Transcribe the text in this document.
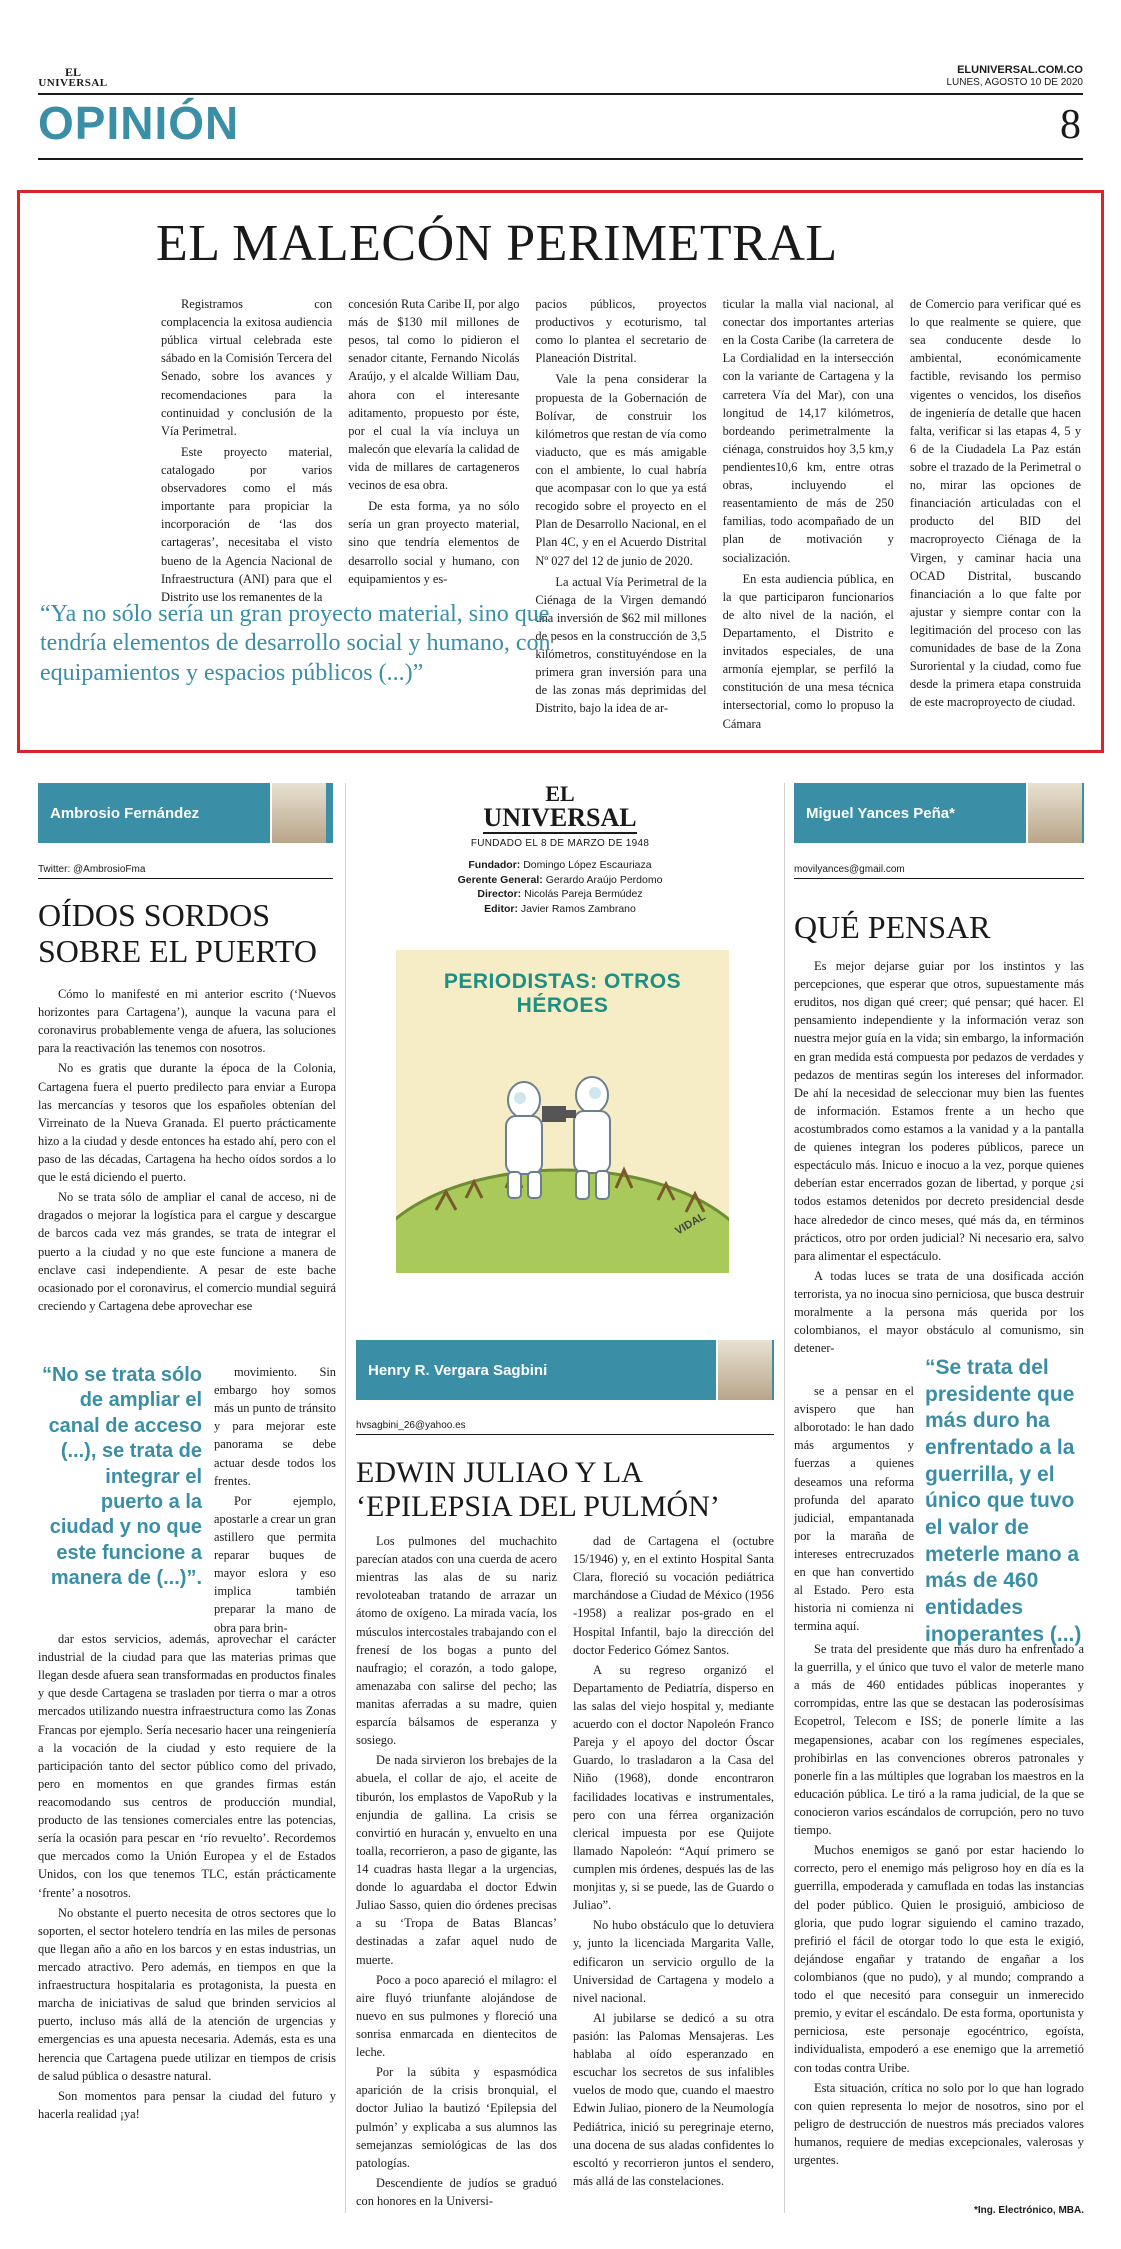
EL
UNIVERSAL
ELUNIVERSAL.COM.CO
LUNES, AGOSTO 10 DE 2020
OPINIÓN	8
EL MALECÓN PERIMETRAL

Registramos con complacencia la exitosa audiencia pública virtual celebrada este sábado en la Comisión Tercera del Senado, sobre los avances y recomendaciones para la continuidad y conclusión de la Vía Perimetral.

Este proyecto material, catalogado por varios observadores como el más importante para propiciar la incorporación de ‘las dos cartageras’, necesitaba el visto bueno de la Agencia Nacional de Infraestructura (ANI) para que el Distrito use los remanentes de la

concesión Ruta Caribe II, por algo más de $130 mil millones de pesos, tal como lo pidieron el senador citante, Fernando Nicolás Araújo, y el alcalde William Dau, ahora con el interesante aditamento, propuesto por éste, por el cual la vía incluya un malecón que elevaría la calidad de vida de millares de cartageneros vecinos de esa obra.

De esta forma, ya no sólo sería un gran proyecto material, sino que tendría elementos de desarrollo social y humano, con equipamientos y es-

pacios públicos, proyectos productivos y ecoturismo, tal como lo plantea el secretario de Planeación Distrital.

Vale la pena considerar la propuesta de la Gobernación de Bolívar, de construir los kilómetros que restan de vía como viaducto, que es más amigable con el ambiente, lo cual habría que acompasar con lo que ya está recogido sobre el proyecto en el Plan de Desarrollo Nacional, en el Plan 4C, y en el Acuerdo Distrital Nº 027 del 12 de junio de 2020.

La actual Vía Perimetral de la Ciénaga de la Virgen demandó una inversión de $62 mil millones de pesos en la construcción de 3,5 kilómetros, constituyéndose en la primera gran inversión para una de las zonas más deprimidas del Distrito, bajo la idea de ar-

ticular la malla vial nacional, al conectar dos importantes arterias en la Costa Caribe (la carretera de La Cordialidad en la intersección con la variante de Cartagena y la carretera Vía del Mar), con una longitud de 14,17 kilómetros, bordeando perimetralmente la ciénaga, construidos hoy 3,5 km,y pendientes10,6 km, entre otras obras, incluyendo el reasentamiento de más de 250 familias, todo acompañado de un plan de motivación y socialización.

En esta audiencia pública, en la que participaron funcionarios de alto nivel de la nación, el Departamento, el Distrito e invitados especiales, de una armonía ejemplar, se perfiló la constitución de una mesa técnica intersectorial, como lo propuso la Cámara

de Comercio para verificar qué es lo que realmente se quiere, que sea conducente desde lo ambiental, económicamente factible, revisando los permiso vigentes o vencidos, los diseños de ingeniería de detalle que hacen falta, verificar si las etapas 4, 5 y 6 de la Ciudadela La Paz están sobre el trazado de la Perimetral o no, mirar las opciones de financiación articuladas con el producto del BID del macroproyecto Ciénaga de la Virgen, y caminar hacia una OCAD Distrital, buscando financiación a lo que falte por ajustar y siempre contar con la legitimación del proceso con las comunidades de base de la Zona Suroriental y la ciudad, como fue desde la primera etapa construida de este macroproyecto de ciudad.

“Ya no sólo sería un gran proyecto material, sino que tendría elementos de desarrollo social y humano, con equipamientos y espacios públicos (...)”
Ambrosio Fernández
Twitter: @AmbrosioFma
OÍDOS SORDOS SOBRE EL PUERTO

Cómo lo manifesté en mi anterior escrito (‘Nuevos horizontes para Cartagena’), aunque la vacuna para el coronavirus probablemente venga de afuera, las soluciones para la reactivación las tenemos con nosotros.

No es gratis que durante la época de la Colonia, Cartagena fuera el puerto predilecto para enviar a Europa las mercancías y tesoros que los españoles obtenían del Virreinato de la Nueva Granada. El puerto prácticamente hizo a la ciudad y desde entonces ha estado ahí, pero con el paso de las décadas, Cartagena ha hecho oídos sordos a lo que le está diciendo el puerto.

No se trata sólo de ampliar el canal de acceso, ni de dragados o mejorar la logística para el cargue y descargue de barcos cada vez más grandes, se trata de integrar el puerto a la ciudad y no que este funcione a manera de enclave casi independiente. A pesar de este bache ocasionado por el coronavirus, el comercio mundial seguirá creciendo y Cartagena debe aprovechar ese

“No se trata sólo de ampliar el canal de acceso (...), se trata de integrar el puerto a la ciudad y no que este funcione a manera de (...)”.

movimiento. Sin embargo hoy somos más un punto de tránsito y para mejorar este panorama se debe actuar desde todos los frentes.

Por ejemplo, apostarle a crear un gran astillero que permita reparar buques de mayor eslora y eso implica también preparar la mano de obra para brin-

dar estos servicios, además, aprovechar el carácter industrial de la ciudad para que las materias primas que llegan desde afuera sean transformadas en productos finales y que desde Cartagena se trasladen por tierra o mar a otros mercados utilizando nuestra infraestructura como las Zonas Francas por ejemplo. Sería necesario hacer una reingeniería a la vocación de la ciudad y esto requiere de la participación tanto del sector público como del privado, pero en momentos en que grandes firmas están reacomodando sus centros de producción mundial, producto de las tensiones comerciales entre las potencias, sería la ocasión para pescar en ‘río revuelto’. Recordemos que mercados como la Unión Europea y el de Estados Unidos, con los que tenemos TLC, están prácticamente ‘frente’ a nosotros.

No obstante el puerto necesita de otros sectores que lo soporten, el sector hotelero tendría en las miles de personas que llegan año a año en los barcos y en estas industrias, un mercado atractivo. Pero además, en tiempos en que la infraestructura hospitalaria es protagonista, la puesta en marcha de iniciativas de salud que brinden servicios al puerto, incluso más allá de la atención de urgencias y emergencias es una apuesta necesaria. Además, esta es una herencia que Cartagena puede utilizar en tiempos de crisis de salud pública o desastre natural.

Son momentos para pensar la ciudad del futuro y hacerla realidad ¡ya!

EL
UNIVERSAL
FUNDADO EL 8 DE MARZO DE 1948
Fundador: Domingo López Escauriaza
Gerente General: Gerardo Araújo Perdomo
Director: Nicolás Pareja Bermúdez
Editor: Javier Ramos Zambrano
PERIODISTAS: OTROS HÉROES
VIDAL
Henry R. Vergara Sagbini
hvsagbini_26@yahoo.es
EDWIN JULIAO Y LA ‘EPILEPSIA DEL PULMÓN’

Los pulmones del muchachito parecían atados con una cuerda de acero mientras las alas de su nariz revoloteaban tratando de arrazar un átomo de oxígeno. La mirada vacía, los músculos intercostales trabajando con el frenesí de los bogas a punto del naufragio; el corazón, a todo galope, amenazaba con salirse del pecho; las manitas aferradas a su madre, quien esparcía bálsamos de esperanza y sosiego.

De nada sirvieron los brebajes de la abuela, el collar de ajo, el aceite de tiburón, los emplastos de VapoRub y la enjundia de gallina. La crisis se convirtió en huracán y, envuelto en una toalla, recorrieron, a paso de gigante, las 14 cuadras hasta llegar a la urgencias, donde lo aguardaba el doctor Edwin Juliao Sasso, quien dio órdenes precisas a su ‘Tropa de Batas Blancas’ destinadas a zafar aquel nudo de muerte.

Poco a poco apareció el milagro: el aire fluyó triunfante alojándose de nuevo en sus pulmones y floreció una sonrisa enmarcada en dientecitos de leche.

Por la súbita y espasmódica aparición de la crisis bronquial, el doctor Juliao la bautizó ‘Epilepsia del pulmón’ y explicaba a sus alumnos las semejanzas semiológicas de las dos patologías.

Descendiente de judíos se graduó con honores en la Universi-

dad de Cartagena el (octubre 15/1946) y, en el extinto Hospital Santa Clara, floreció su vocación pediátrica marchándose a Ciudad de México (1956 -1958) a realizar pos-grado en el Hospital Infantil, bajo la dirección del doctor Federico Gómez Santos.

A su regreso organizó el Departamento de Pediatría, disperso en las salas del viejo hospital y, mediante acuerdo con el doctor Napoleón Franco Pareja y el apoyo del doctor Óscar Guardo, lo trasladaron a la Casa del Niño (1968), donde encontraron facilidades locativas e instrumentales, pero con una férrea organización clerical impuesta por ese Quijote llamado Napoleón: “Aquí primero se cumplen mis órdenes, después las de las monjitas y, si se puede, las de Guardo o Juliao”.

No hubo obstáculo que lo detuviera y, junto la licenciada Margarita Valle, edificaron un servicio orgullo de la Universidad de Cartagena y modelo a nivel nacional.

Al jubilarse se dedicó a su otra pasión: las Palomas Mensajeras. Les hablaba al oído esperanzado en escuchar los secretos de sus infalibles vuelos de modo que, cuando el maestro Edwin Juliao, pionero de la Neumología Pediátrica, inició su peregrinaje eterno, una docena de sus aladas confidentes lo escoltó y recorrieron juntos el sendero, más allá de las constelaciones.

Miguel Yances Peña*
movilyances@gmail.com
QUÉ PENSAR

Es mejor dejarse guiar por los instintos y las percepciones, que esperar que otros, supuestamente más eruditos, nos digan qué creer; qué pensar; qué hacer. El pensamiento independiente y la información veraz son nuestra mejor guía en la vida; sin embargo, la información en gran medida está compuesta por pedazos de verdades y pedazos de mentiras según los intereses del informador. De ahí la necesidad de seleccionar muy bien las fuentes de información. Estamos frente a un hecho que acostumbrados como estamos a la vanidad y a la pantalla de quienes integran los poderes públicos, parece un espectáculo más. Inicuo e inocuo a la vez, porque quienes deberían estar encerrados gozan de libertad, y porque ¿si todos estamos detenidos por decreto presidencial desde hace alrededor de cinco meses, qué más da, en términos prácticos, otro por orden judicial? Ni necesario era, salvo para alimentar el espectáculo.

A todas luces se trata de una dosificada acción terrorista, ya no inocua sino perniciosa, que busca destruir moralmente a la persona más querida por los colombianos, el mayor obstáculo al comunismo, sin detener-

se a pensar en el avispero que han alborotado: le han dado más argumentos y fuerzas a quienes deseamos una reforma profunda del aparato judicial, empantanada por la maraña de intereses entrecruzados en que han convertido al Estado. Pero esta historia ni comienza ni termina aquí.

“Se trata del presidente que más duro ha enfrentado a la guerrilla, y el único que tuvo el valor de meterle mano a más de 460 entidades inoperantes (...)

Se trata del presidente que más duro ha enfrentado a la guerrilla, y el único que tuvo el valor de meterle mano a más de 460 entidades públicas inoperantes y corrompidas, entre las que se destacan las poderosísimas Ecopetrol, Telecom e ISS; de ponerle límite a las megapensiones, acabar con los regímenes especiales, prohibirlas en las convenciones obreros patronales y ponerle fin a las múltiples que lograban los maestros en la educación pública. Le tiró a la rama judicial, de la que se conocieron varios escándalos de corrupción, pero no tuvo tiempo.

Muchos enemigos se ganó por estar haciendo lo correcto, pero el enemigo más peligroso hoy en día es la guerrilla, empoderada y camuflada en todas las instancias del poder público. Quien le prosiguió, ambicioso de gloria, que pudo lograr siguiendo el camino trazado, prefirió el fácil de otorgar todo lo que esta le exigió, dejándose engañar y tratando de engañar a los colombianos (que no pudo), y al mundo; comprando a todo el que necesitó para conseguir un inmerecido premio, y evitar el escándalo. De esta forma, oportunista y perniciosa, este personaje egocéntrico, egoísta, individualista, empoderó a ese enemigo que la arremetió con todas contra Uribe.

Esta situación, crítica no solo por lo que han logrado con quien representa lo mejor de nosotros, sino por el peligro de destrucción de nuestros más preciados valores humanos, requiere de medias excepcionales, valerosas y urgentes.

*Ing. Electrónico, MBA.
